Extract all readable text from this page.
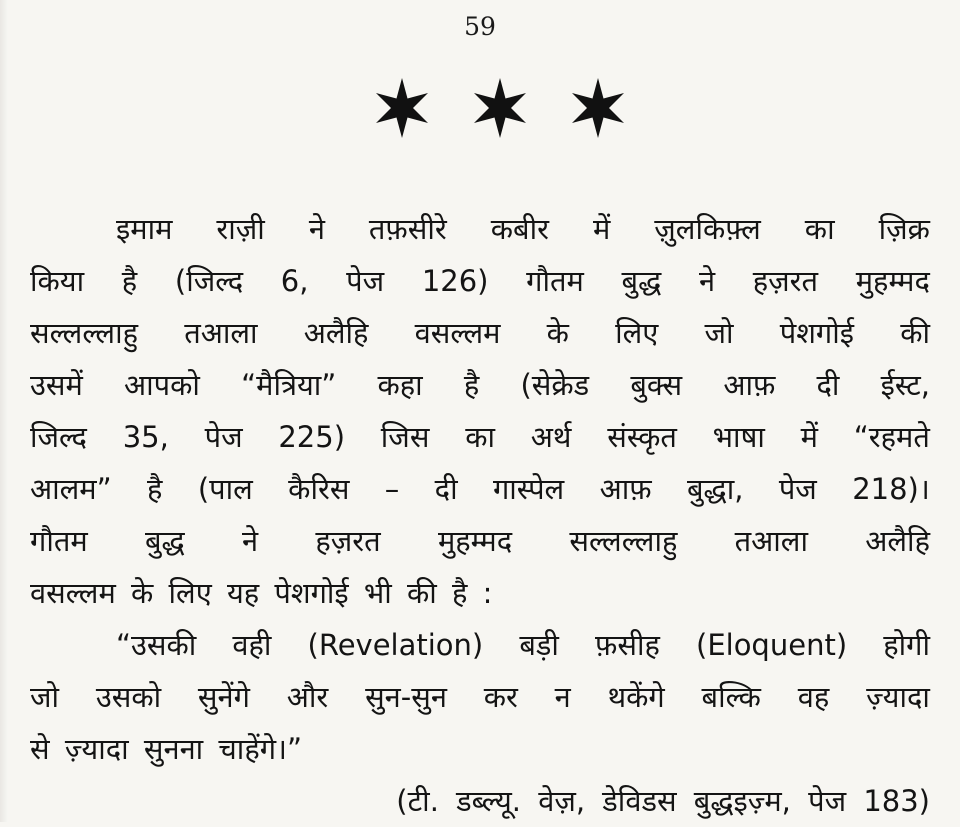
59
इमाम राज़ी ने तफ़सीरे कबीर में ज़ुलकिफ़्ल का ज़िक्र
किया है (जिल्द 6, पेज 126) गौतम बुद्ध ने हज़रत मुहम्मद
सल्लल्लाहु तआला अलैहि वसल्लम के लिए जो पेशगोई की
उसमें आपको “मैत्रिया” कहा है (सेक्रेड बुक्स आफ़ दी ईस्ट,
जिल्द 35, पेज 225) जिस का अर्थ संस्कृत भाषा में “रहमते
आलम” है (पाल कैरिस – दी गास्पेल आफ़ बुद्धा, पेज 218)।
गौतम बुद्ध ने हज़रत मुहम्मद सल्लल्लाहु तआला अलैहि
वसल्लम के लिए यह पेशगोई भी की है :
“उसकी वही (Revelation) बड़ी फ़सीह (Eloquent) होगी
जो उसको सुनेंगे और सुन-सुन कर न थकेंगे बल्कि वह ज़्यादा
से ज़्यादा सुनना चाहेंगे।”
(टी. डब्ल्यू. वेज़, डेविडस बुद्धइज़्म, पेज 183)
